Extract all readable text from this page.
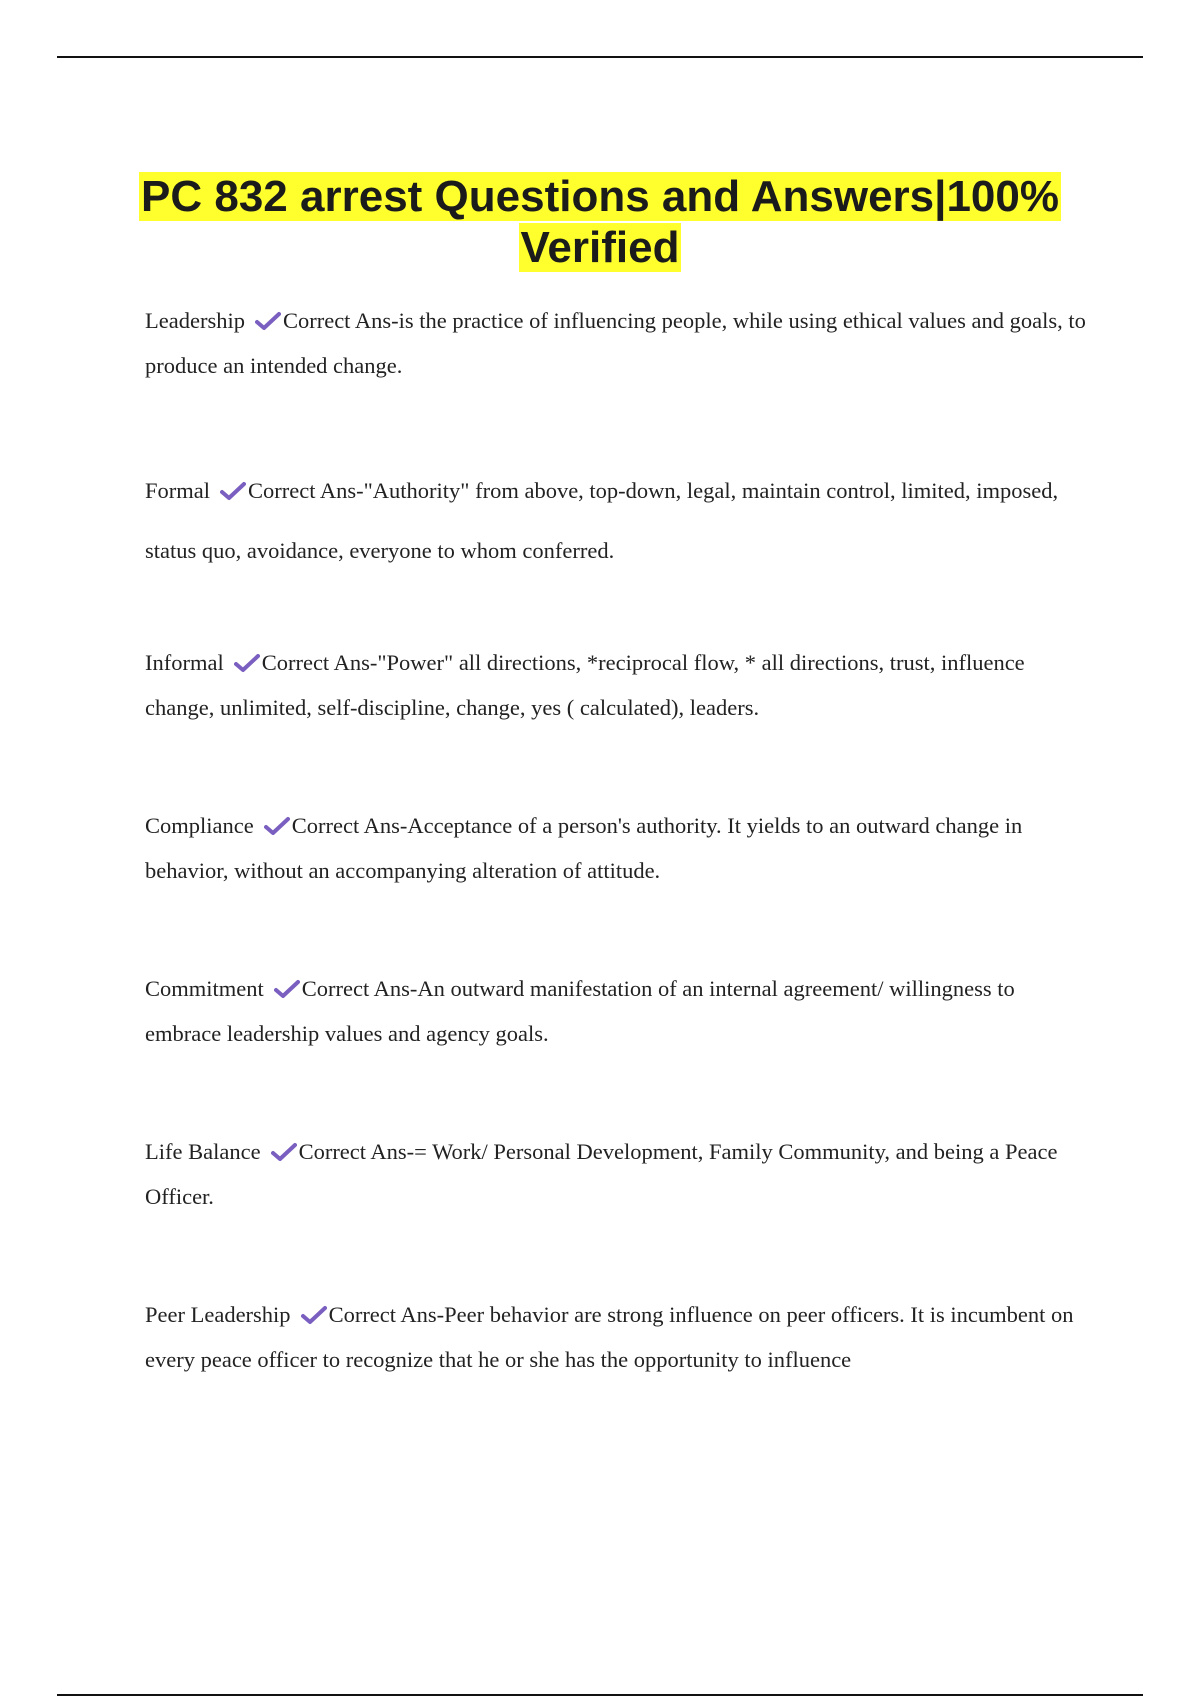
PC 832 arrest Questions and Answers|100%
Verified

Leadership Correct Ans-is the practice of influencing people, while using ethical values and goals, to produce an intended change.

Formal Correct Ans-"Authority" from above, top-down, legal, maintain control, limited, imposed, status quo, avoidance, everyone to whom conferred.

Informal Correct Ans-"Power" all directions, *reciprocal flow, * all directions, trust, influence change, unlimited, self-discipline, change, yes ( calculated), leaders.

Compliance Correct Ans-Acceptance of a person's authority. It yields to an outward change in behavior, without an accompanying alteration of attitude.

Commitment Correct Ans-An outward manifestation of an internal agreement/ willingness to embrace leadership values and agency goals.

Life Balance Correct Ans-= Work/ Personal Development, Family Community, and being a Peace Officer.

Peer Leadership Correct Ans-Peer behavior are strong influence on peer officers. It is incumbent on every peace officer to recognize that he or she has the opportunity to influence
